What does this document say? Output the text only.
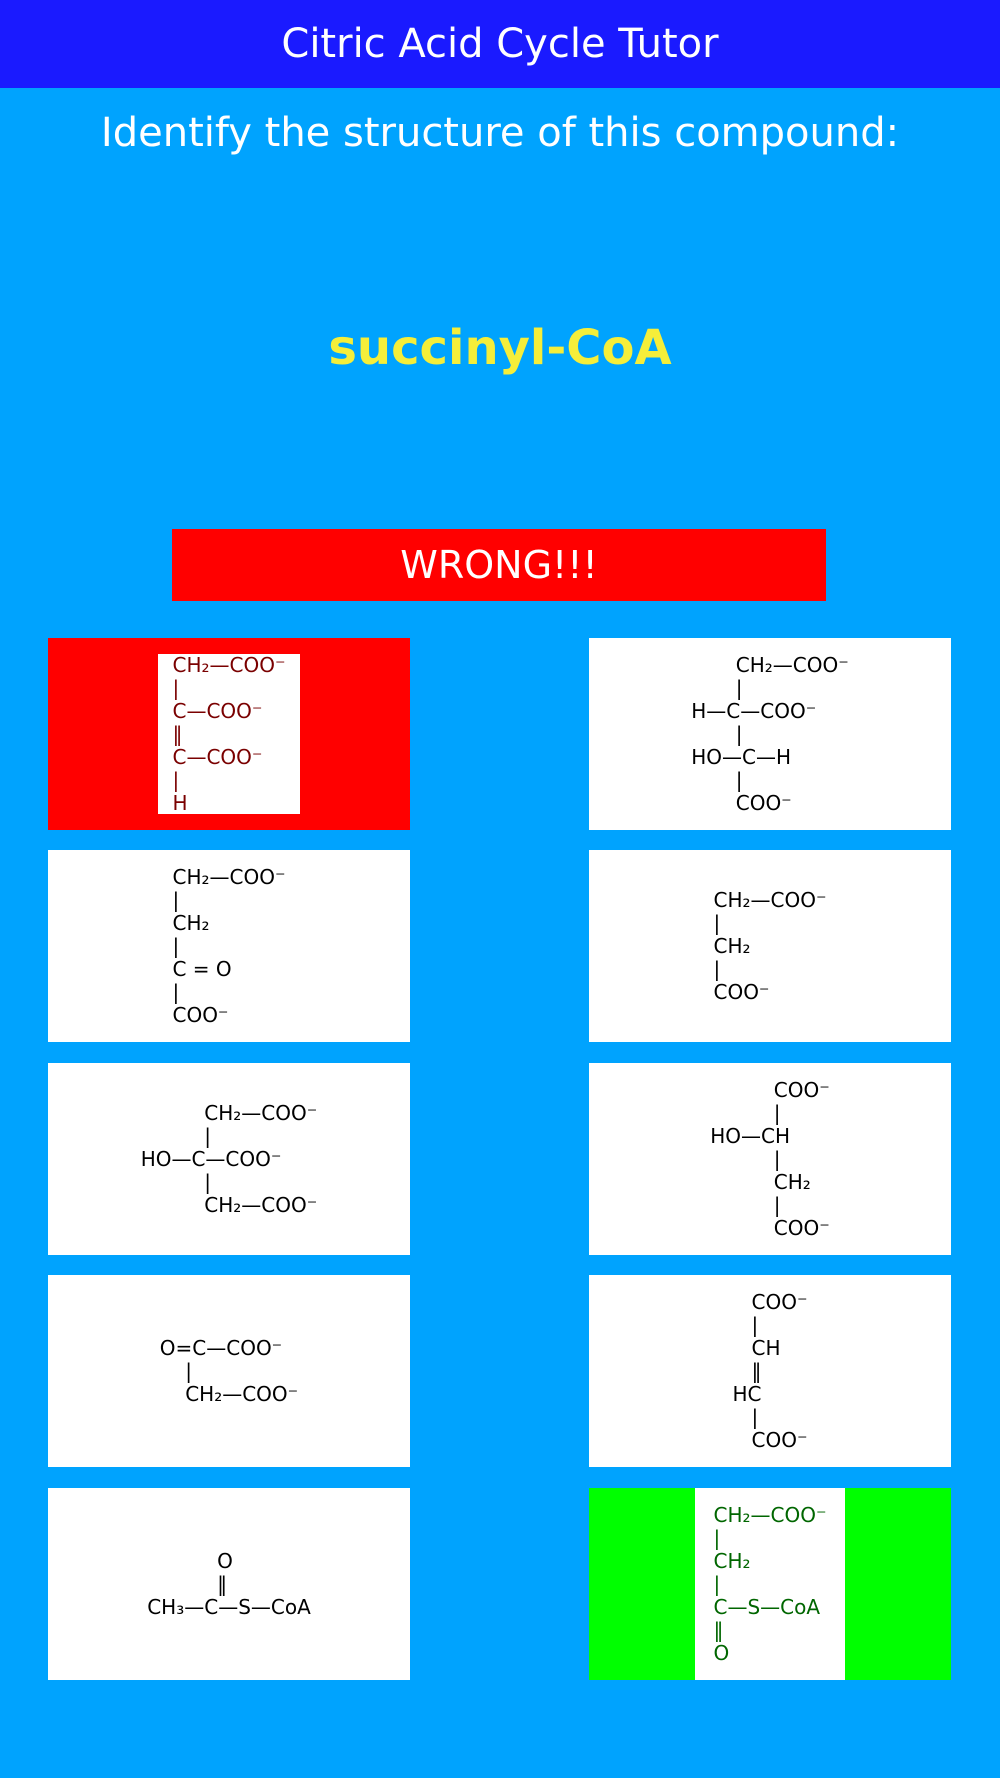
Citric Acid Cycle Tutor
Identify the structure of this compound:
succinyl-CoA
WRONG!!!
CH₂—COO⁻
|
C—COO⁻
‖
C—COO⁻
|
H
CH₂—COO⁻
|
H—C—COO⁻
|
HO—C—H
|
COO⁻
CH₂—COO⁻
|
CH₂
|
C = O
|
COO⁻
CH₂—COO⁻
|
CH₂
|
COO⁻
CH₂—COO⁻
|
HO—C—COO⁻
|
CH₂—COO⁻
COO⁻
|
HO—CH
|
CH₂
|
COO⁻
O=C—COO⁻
|
CH₂—COO⁻
COO⁻
|
CH
‖
HC
|
COO⁻
O
‖
CH₃—C—S—CoA
CH₂—COO⁻
|
CH₂
|
C—S—CoA
‖
O
